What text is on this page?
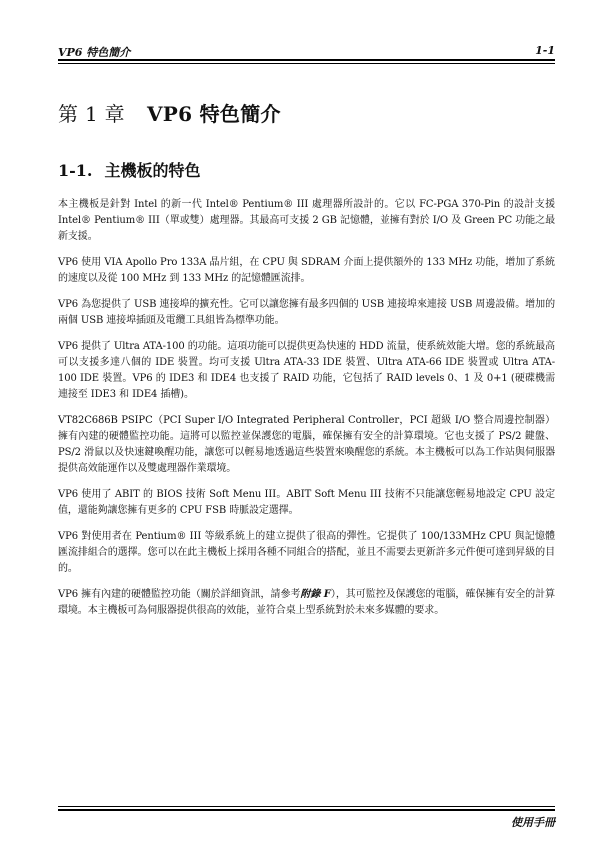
VP6 特色簡介	1-1
第 1 章 VP6 特色簡介
1-1. 主機板的特色

本主機板是針對 Intel 的新一代 Intel® Pentium® III 處理器所設計的。它以 FC-PGA 370-Pin 的設計支援 Intel® Pentium® III（單或雙）處理器。其最高可支援 2 GB 記憶體，並擁有對於 I/O 及 Green PC 功能之最新支援。

VP6 使用 VIA Apollo Pro 133A 晶片組，在 CPU 與 SDRAM 介面上提供額外的 133 MHz 功能，增加了系統的速度以及從 100 MHz 到 133 MHz 的記憶體匯流排。

VP6 為您提供了 USB 連接埠的擴充性。它可以讓您擁有最多四個的 USB 連接埠來連接 USB 周邊設備。增加的兩個 USB 連接埠插頭及電纜工具組皆為標準功能。

VP6 提供了 Ultra ATA-100 的功能。這項功能可以提供更為快速的 HDD 流量，使系統效能大增。您的系統最高可以支援多達八個的 IDE 裝置。均可支援 Ultra ATA-33 IDE 裝置、Ultra ATA-66 IDE 裝置或 Ultra ATA-100 IDE 裝置。VP6 的 IDE3 和 IDE4 也支援了 RAID 功能，它包括了 RAID levels 0、1 及 0+1 (硬碟機需連接至 IDE3 和 IDE4 插槽)。

VT82C686B PSIPC（PCI Super I/O Integrated Peripheral Controller，PCI 超級 I/O 整合周邊控制器）擁有內建的硬體監控功能。這將可以監控並保護您的電腦，確保擁有安全的計算環境。它也支援了 PS/2 鍵盤、PS/2 滑鼠以及快速鍵喚醒功能，讓您可以輕易地透過這些裝置來喚醒您的系統。本主機板可以為工作站與伺服器提供高效能運作以及雙處理器作業環境。

VP6 使用了 ABIT 的 BIOS 技術 Soft Menu III。ABIT Soft Menu III 技術不只能讓您輕易地設定 CPU 設定值，還能夠讓您擁有更多的 CPU FSB 時脈設定選擇。

VP6 對使用者在 Pentium® III 等級系統上的建立提供了很高的彈性。它提供了 100/133MHz CPU 與記憶體匯流排組合的選擇。您可以在此主機板上採用各種不同組合的搭配，並且不需要去更新許多元件便可達到昇級的目的。

VP6 擁有內建的硬體監控功能（關於詳細資訊，請參考附錄 F），其可監控及保護您的電腦，確保擁有安全的計算環境。本主機板可為伺服器提供很高的效能，並符合桌上型系統對於未來多媒體的要求。

使用手冊
